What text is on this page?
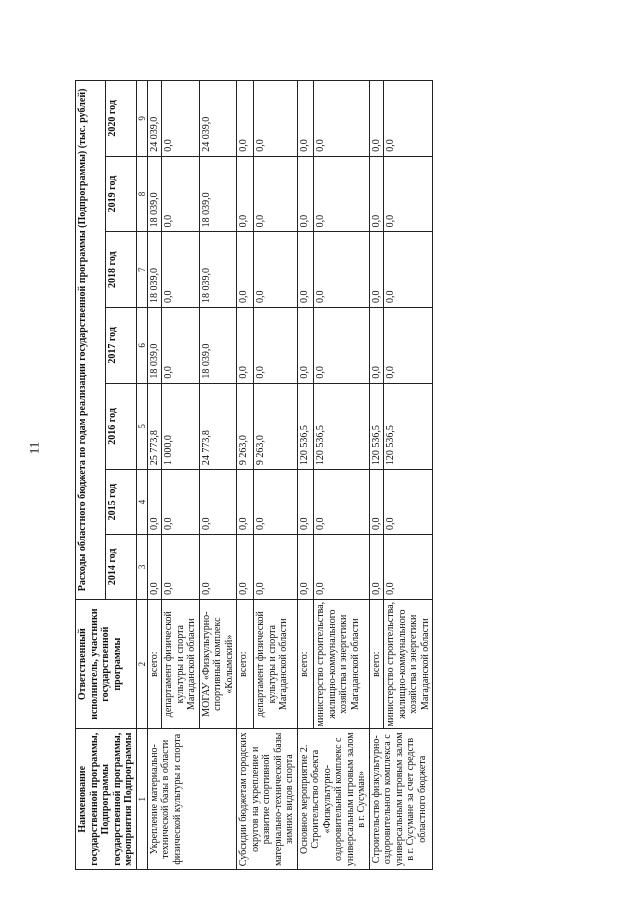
11
Наименование государственной программы, Подпрограммы государственной программы, мероприятия Подпрограммы	Ответственный исполнитель, участники государственной программы	Расходы областного бюджета по годам реализации государственной программы (Подпрограммы) (тыс. рублей)						
		2014 год	2015 год	2016 год	2017 год	2018 год	2019 год	2020 год
1	2	3	4	5	6	7	8	9
Укрепление материально-технической базы в области физической культуры и спорта	всего:	0,0	0,0	25 773,8	18 039,0	18 039,0	18 039,0	24 039,0
	департамент физической культуры и спорта Магаданской области	0,0	0,0	1 000,0	0,0	0,0	0,0	0,0
	МОГАУ «Физкультурно-спортивный комплекс «Колымский»	0,0	0,0	24 773,8	18 039,0	18 039,0	18 039,0	24 039,0
Субсидии бюджетам городских округов на укрепление и развитие спортивной материально-технической базы зимних видов спорта	всего:	0,0	0,0	9 263,0	0,0	0,0	0,0	0,0
	департамент физической культуры и спорта Магаданской области	0,0	0,0	9 263,0	0,0	0,0	0,0	0,0
Основное мероприятие 2. Строительство объекта «Физкультурно-оздоровительный комплекс с универсальным игровым залом в г. Сусуман»	всего:	0,0	0,0	120 536,5	0,0	0,0	0,0	0,0
	министерство строительства, жилищно-коммунального хозяйства и энергетики Магаданской области	0,0	0,0	120 536,5	0,0	0,0	0,0	0,0
Строительство физкультурно-оздоровительного комплекса с универсальным игровым залом в г. Сусумане за счет средств областного бюджета	всего:	0,0	0,0	120 536,5	0,0	0,0	0,0	0,0
	министерство строительства, жилищно-коммунального хозяйства и энергетики Магаданской области	0,0	0,0	120 536,5	0,0	0,0	0,0	0,0
